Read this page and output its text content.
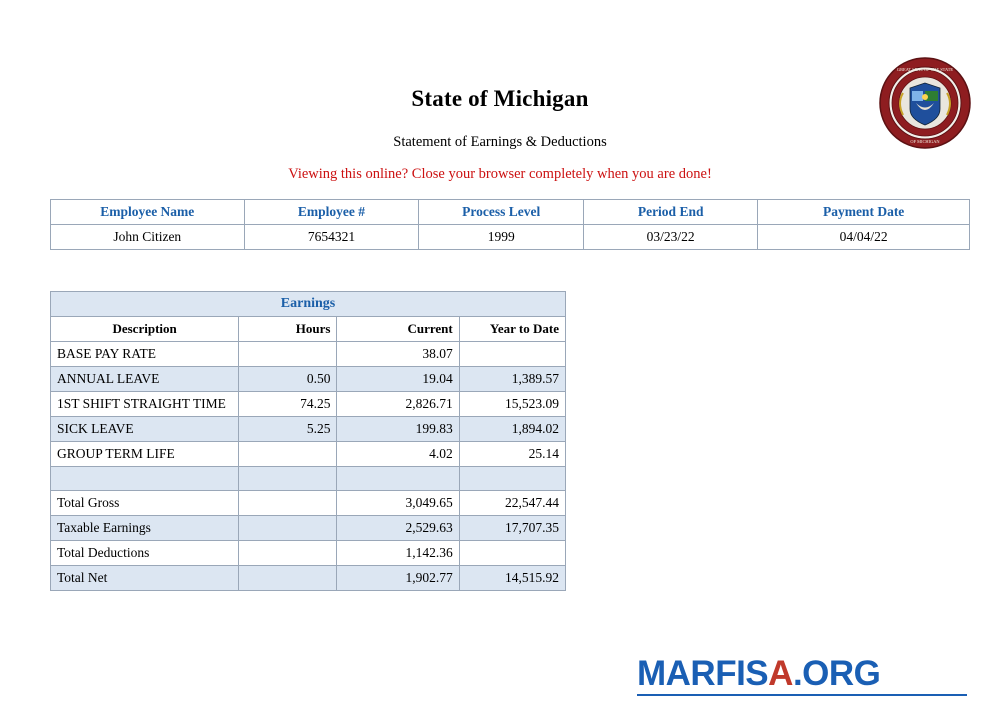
State of Michigan
Statement of Earnings & Deductions
Viewing this online? Close your browser completely when you are done!
GREAT SEAL OF THE STATE
OF MICHIGAN
Employee Name	Employee #	Process Level	Period End	Payment Date
John Citizen	7654321	1999	03/23/22	04/04/22
Earnings			
Description	Hours	Current	Year to Date
BASE PAY RATE		38.07	
ANNUAL LEAVE	0.50	19.04	1,389.57
1ST SHIFT STRAIGHT TIME	74.25	2,826.71	15,523.09
SICK LEAVE	5.25	199.83	1,894.02
GROUP TERM LIFE		4.02	25.14

Total Gross		3,049.65	22,547.44
Taxable Earnings		2,529.63	17,707.35
Total Deductions		1,142.36	
Total Net		1,902.77	14,515.92
MARFISA.ORG
